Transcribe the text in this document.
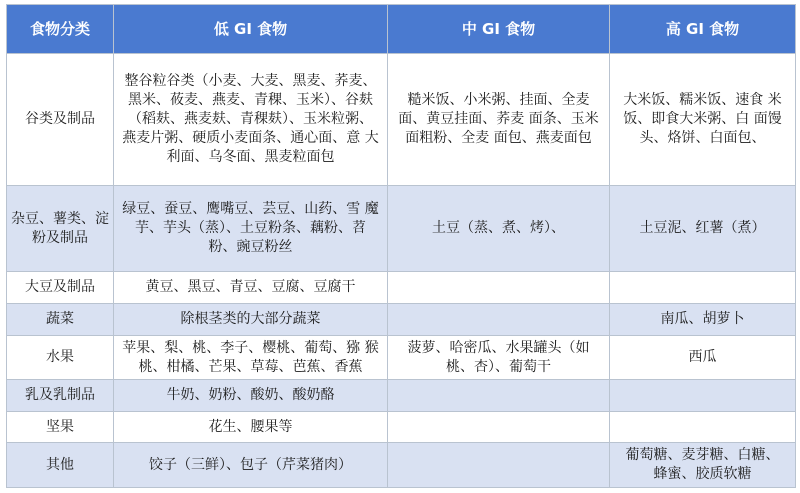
食物分类	低 GI 食物	中 GI 食物	高 GI 食物
谷类及制品	整谷粒谷类（小麦、大麦、黑麦、荞麦、黑米、莜麦、燕麦、青稞、玉米）、谷麸（稻麸、燕麦麸、青稞麸）、玉米粒粥、燕麦片粥、硬质小麦面条、通心面、意 大利面、乌冬面、黑麦粒面包	糙米饭、小米粥、挂面、全麦面、黄豆挂面、荞麦 面条、玉米面粗粉、全麦 面包、燕麦面包	大米饭、糯米饭、速食 米饭、即食大米粥、白 面馒头、烙饼、白面包、
杂豆、薯类、淀粉及制品	绿豆、蚕豆、鹰嘴豆、芸豆、山药、雪 魔芋、芋头（蒸）、土豆粉条、藕粉、苕 粉、豌豆粉丝	土豆（蒸、煮、烤）、	土豆泥、红薯（煮）
大豆及制品	黄豆、黑豆、青豆、豆腐、豆腐干		
蔬菜	除根茎类的大部分蔬菜		南瓜、胡萝卜
水果	苹果、梨、桃、李子、樱桃、葡萄、猕 猴桃、柑橘、芒果、草莓、芭蕉、香蕉	菠萝、哈密瓜、水果罐头（如桃、杏）、葡萄干	西瓜
乳及乳制品	牛奶、奶粉、酸奶、酸奶酪		
坚果	花生、腰果等		
其他	饺子（三鲜）、包子（芹菜猪肉）		葡萄糖、麦芽糖、白糖、 蜂蜜、胶质软糖
